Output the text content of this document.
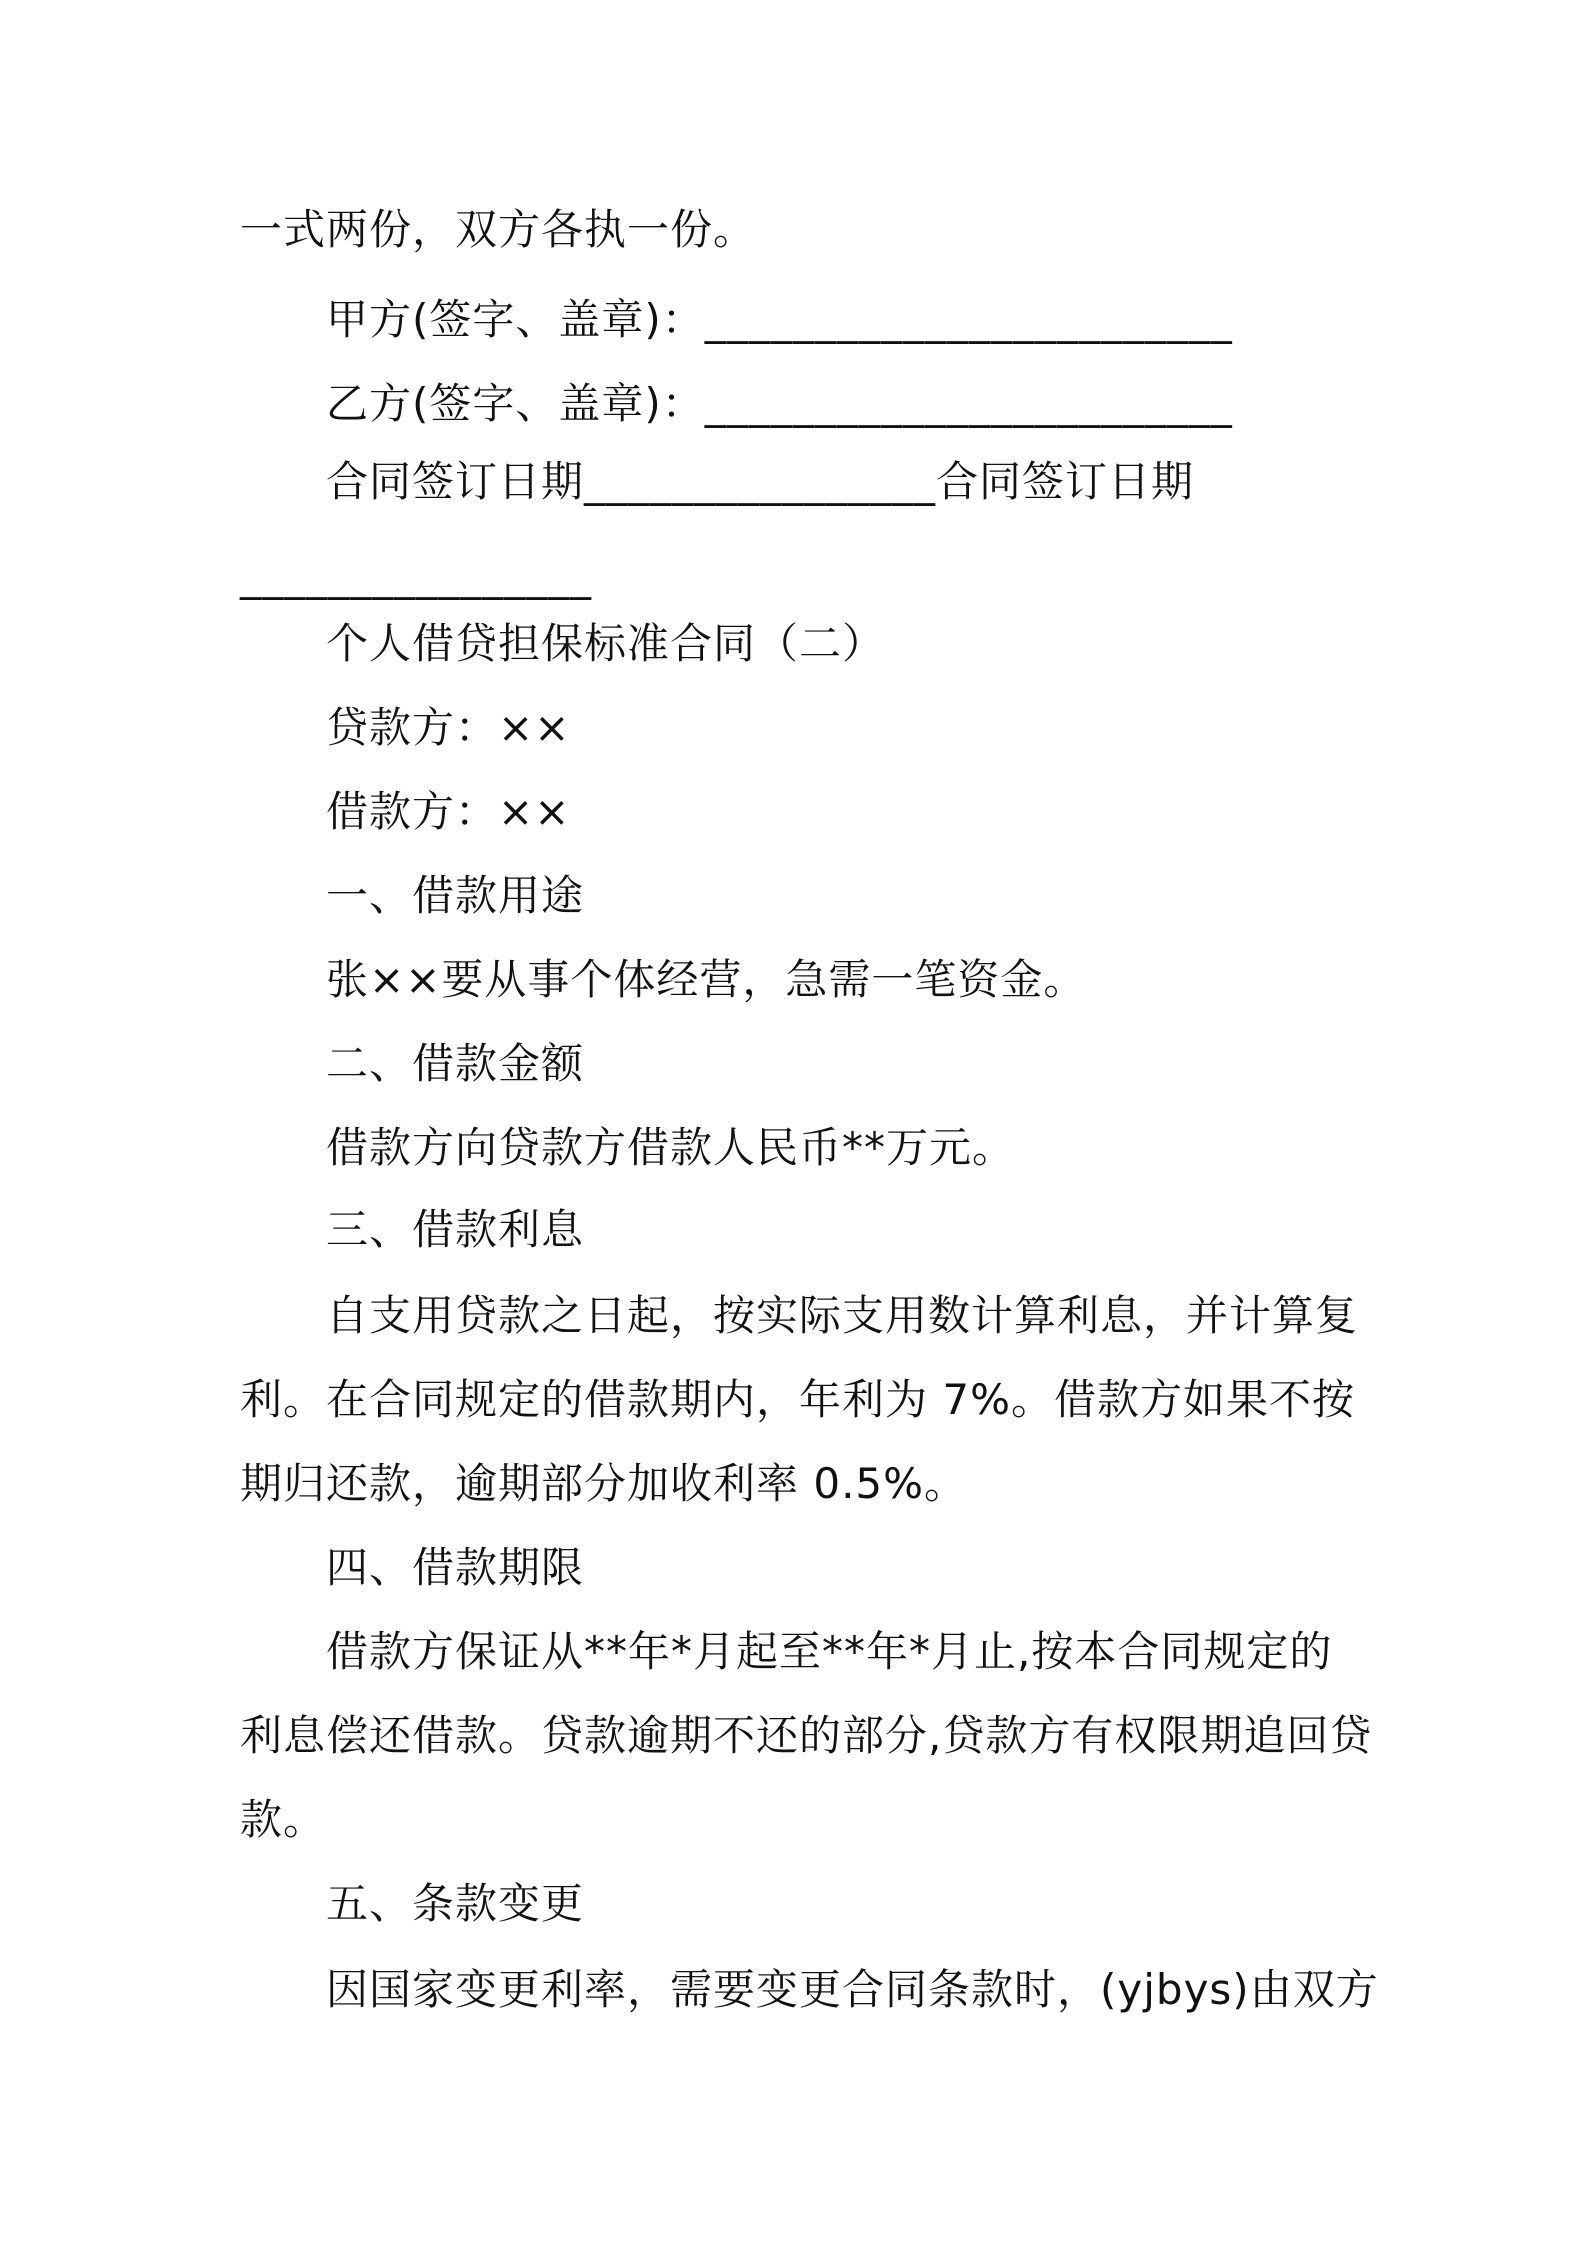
一式两份，双方各执一份。
甲方(签字、盖章)：________________________
乙方(签字、盖章)：________________________
合同签订日期________________合同签订日期
________________
个人借贷担保标准合同（二）
贷款方：××
借款方：××
一、借款用途
张××要从事个体经营，急需一笔资金。
二、借款金额
借款方向贷款方借款人民币**万元。
三、借款利息
自支用贷款之日起，按实际支用数计算利息，并计算复
利。在合同规定的借款期内，年利为 7%。借款方如果不按
期归还款，逾期部分加收利率 0.5%。
四、借款期限
借款方保证从**年*月起至**年*月止,按本合同规定的
利息偿还借款。贷款逾期不还的部分,贷款方有权限期追回贷
款。
五、条款变更
因国家变更利率，需要变更合同条款时，(yjbys)由双方
